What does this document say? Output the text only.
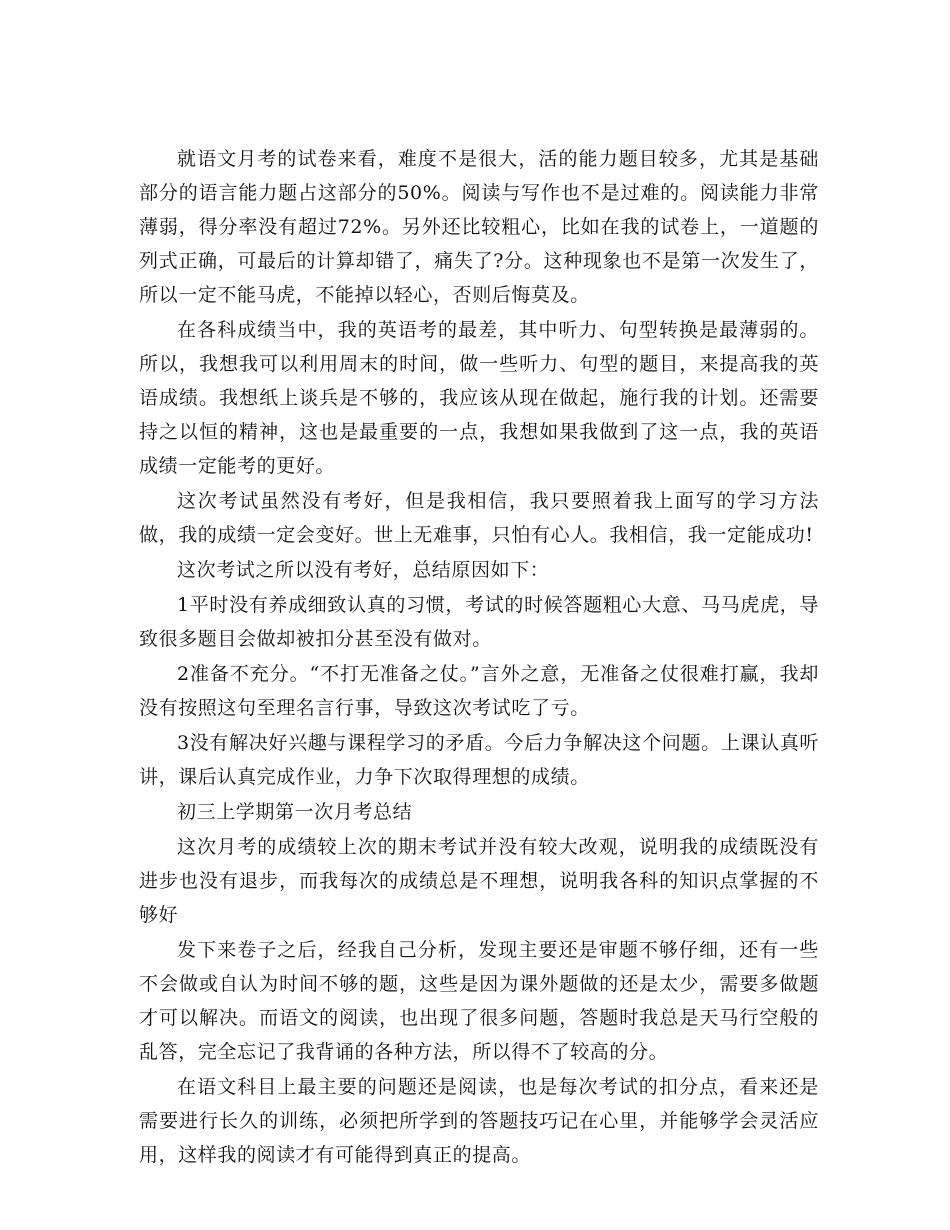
就语文月考的试卷来看，难度不是很大，活的能力题目较多，尤其是基础部分的语言能力题占这部分的50%。阅读与写作也不是过难的。阅读能力非常薄弱，得分率没有超过72%。另外还比较粗心，比如在我的试卷上，一道题的列式正确，可最后的计算却错了，痛失了?分。这种现象也不是第一次发生了，所以一定不能马虎，不能掉以轻心，否则后悔莫及。

在各科成绩当中，我的英语考的最差，其中听力、句型转换是最薄弱的。所以，我想我可以利用周末的时间，做一些听力、句型的题目，来提高我的英语成绩。我想纸上谈兵是不够的，我应该从现在做起，施行我的计划。还需要持之以恒的精神，这也是最重要的一点，我想如果我做到了这一点，我的英语成绩一定能考的更好。

这次考试虽然没有考好，但是我相信，我只要照着我上面写的学习方法做，我的成绩一定会变好。世上无难事，只怕有心人。我相信，我一定能成功!

这次考试之所以没有考好，总结原因如下：

1平时没有养成细致认真的习惯，考试的时候答题粗心大意、马马虎虎，导致很多题目会做却被扣分甚至没有做对。

2准备不充分。“不打无准备之仗。”言外之意，无准备之仗很难打赢，我却没有按照这句至理名言行事，导致这次考试吃了亏。

3没有解决好兴趣与课程学习的矛盾。今后力争解决这个问题。上课认真听讲，课后认真完成作业，力争下次取得理想的成绩。

初三上学期第一次月考总结

这次月考的成绩较上次的期末考试并没有较大改观，说明我的成绩既没有进步也没有退步，而我每次的成绩总是不理想，说明我各科的知识点掌握的不够好

发下来卷子之后，经我自己分析，发现主要还是审题不够仔细，还有一些不会做或自认为时间不够的题，这些是因为课外题做的还是太少，需要多做题才可以解决。而语文的阅读，也出现了很多问题，答题时我总是天马行空般的乱答，完全忘记了我背诵的各种方法，所以得不了较高的分。

在语文科目上最主要的问题还是阅读，也是每次考试的扣分点，看来还是需要进行长久的训练，必须把所学到的答题技巧记在心里，并能够学会灵活应用，这样我的阅读才有可能得到真正的提高。
